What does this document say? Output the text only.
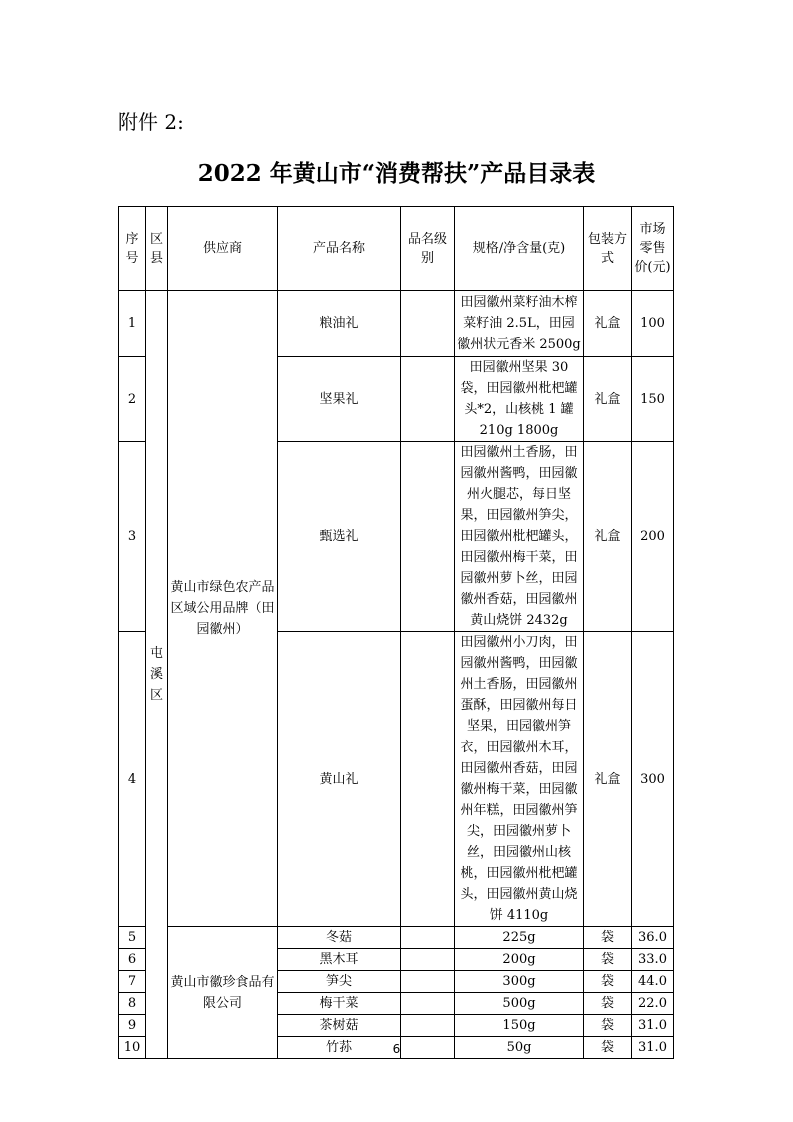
附件 2:
2022 年黄山市“消费帮扶”产品目录表
序号	区县	供应商	产品名称	品名级别	规格/净含量(克)	包装方式	市场零售价(元)
1	屯溪区	黄山市绿色农产品区域公用品牌（田园徽州）	粮油礼		田园徽州菜籽油木榨菜籽油 2.5L，田园徽州状元香米 2500g	礼盒	100
2			坚果礼		田园徽州坚果 30 袋，田园徽州枇杷罐头*2，山核桃 1 罐 210g 1800g	礼盒	150
3			甄选礼		田园徽州土香肠，田园徽州酱鸭，田园徽州火腿芯，每日坚果，田园徽州笋尖，田园徽州枇杷罐头，田园徽州梅干菜，田园徽州萝卜丝，田园徽州香菇，田园徽州黄山烧饼 2432g	礼盒	200
4			黄山礼		田园徽州小刀肉，田园徽州酱鸭，田园徽州土香肠，田园徽州蛋酥，田园徽州每日坚果，田园徽州笋衣，田园徽州木耳，田园徽州香菇，田园徽州梅干菜，田园徽州年糕，田园徽州笋尖，田园徽州萝卜丝，田园徽州山核桃，田园徽州枇杷罐头，田园徽州黄山烧饼 4110g	礼盒	300
5		黄山市徽珍食品有限公司	冬菇		225g	袋	36.0
6			黑木耳		200g	袋	33.0
7			笋尖		300g	袋	44.0
8			梅干菜		500g	袋	22.0
9			茶树菇		150g	袋	31.0
10			竹荪		50g	袋	31.0
6
